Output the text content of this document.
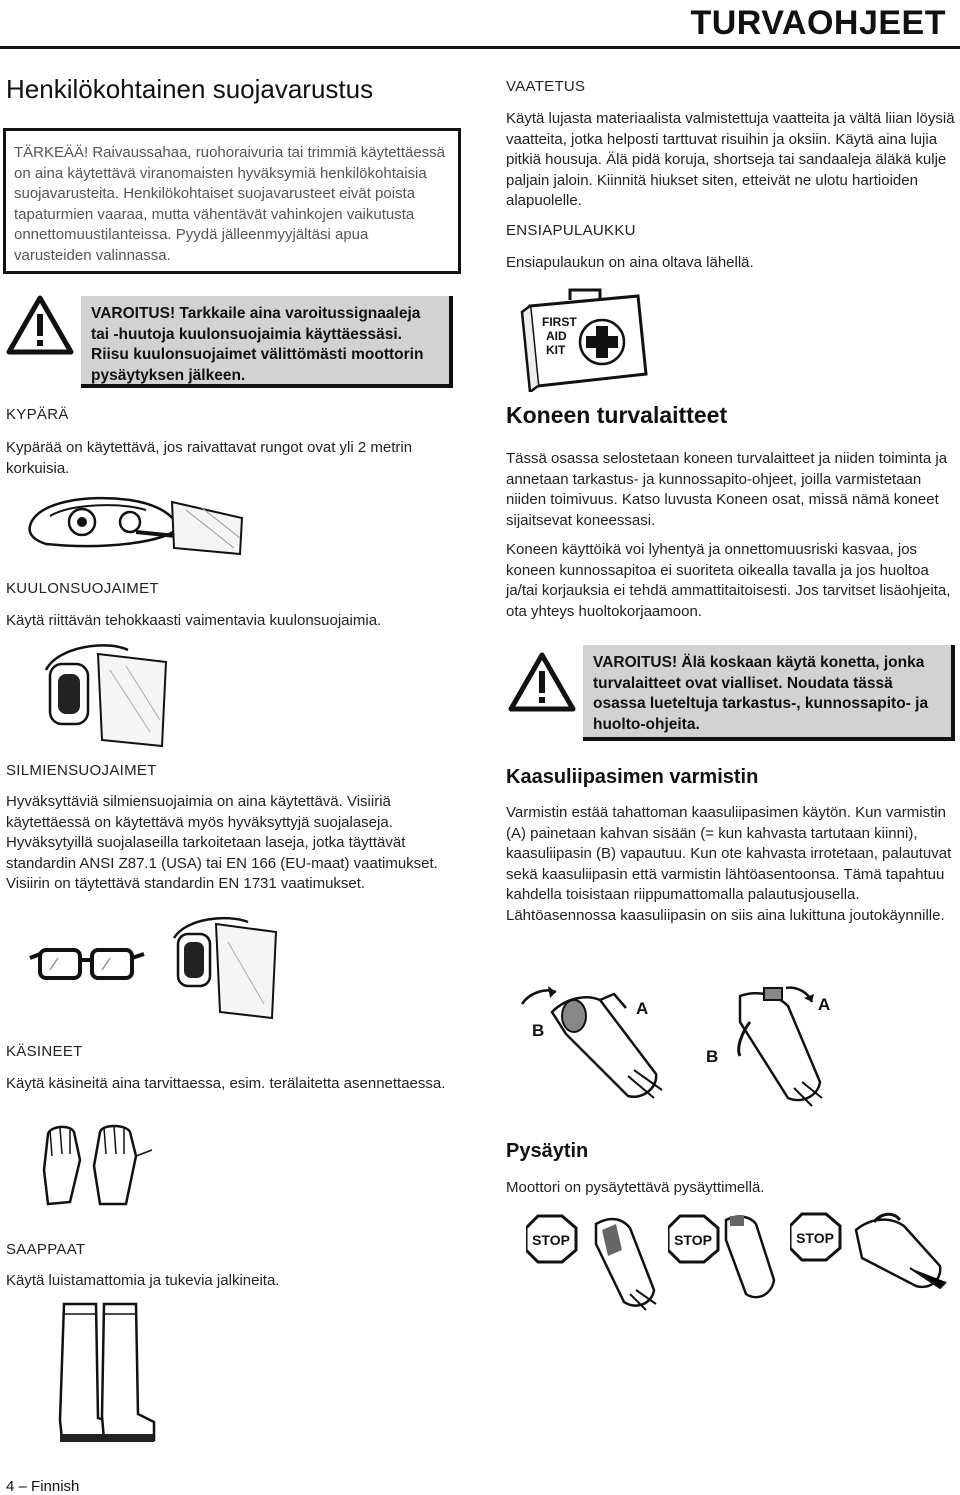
TURVAOHJEET
Henkilökohtainen suojavarustus
TÄRKEÄÄ! Raivaussahaa, ruohoraivuria tai trimmiä käytettäessä on aina käytettävä viranomaisten hyväksymiä henkilökohtaisia suojavarusteita. Henkilökohtaiset suojavarusteet eivät poista tapaturmien vaaraa, mutta vähentävät vahinkojen vaikutusta onnettomuustilanteissa. Pyydä jälleenmyyjältäsi apua varusteiden valinnassa.
VAROITUS! Tarkkaile aina varoitussignaaleja tai -huutoja kuulonsuojaimia käyttäessäsi. Riisu kuulonsuojaimet välittömästi moottorin pysäytyksen jälkeen.
KYPÄRÄ
Kypärää on käytettävä, jos raivattavat rungot ovat yli 2 metrin korkuisia.
KUULONSUOJAIMET
Käytä riittävän tehokkaasti vaimentavia kuulonsuojaimia.
SILMIENSUOJAIMET
Hyväksyttäviä silmiensuojaimia on aina käytettävä. Visiiriä käytettäessä on käytettävä myös hyväksyttyjä suojalaseja. Hyväksytyillä suojalaseilla tarkoitetaan laseja, jotka täyttävät standardin ANSI Z87.1 (USA) tai EN 166 (EU-maat) vaatimukset. Visiirin on täytettävä standardin EN 1731 vaatimukset.
KÄSINEET
Käytä käsineitä aina tarvittaessa, esim. terälaitetta asennettaessa.
SAAPPAAT
Käytä luistamattomia ja tukevia jalkineita.
VAATETUS
Käytä lujasta materiaalista valmistettuja vaatteita ja vältä liian löysiä vaatteita, jotka helposti tarttuvat risuihin ja oksiin. Käytä aina lujia pitkiä housuja. Älä pidä koruja, shortseja tai sandaaleja äläkä kulje paljain jaloin. Kiinnitä hiukset siten, etteivät ne ulotu hartioiden alapuolelle.
ENSIAPULAUKKU
Ensiapulaukun on aina oltava lähellä.
FIRST
AID
KIT
Koneen turvalaitteet
Tässä osassa selostetaan koneen turvalaitteet ja niiden toiminta ja annetaan tarkastus- ja kunnossapito-ohjeet, joilla varmistetaan niiden toimivuus. Katso luvusta Koneen osat, missä nämä koneet sijaitsevat koneessasi.
Koneen käyttöikä voi lyhentyä ja onnettomuusriski kasvaa, jos koneen kunnossapitoa ei suoriteta oikealla tavalla ja jos huoltoa ja/tai korjauksia ei tehdä ammattitaitoisesti. Jos tarvitset lisäohjeita, ota yhteys huoltokorjaamoon.
VAROITUS! Älä koskaan käytä konetta, jonka turvalaitteet ovat vialliset. Noudata tässä osassa lueteltuja tarkastus-, kunnossapito- ja huolto-ohjeita.
Kaasuliipasimen varmistin
Varmistin estää tahattoman kaasuliipasimen käytön. Kun varmistin (A) painetaan kahvan sisään (= kun kahvasta tartutaan kiinni), kaasuliipasin (B) vapautuu. Kun ote kahvasta irrotetaan, palautuvat sekä kaasuliipasin että varmistin lähtöasentoonsa. Tämä tapahtuu kahdella toisistaan riippumattomalla palautusjousella. Lähtöasennossa kaasuliipasin on siis aina lukittuna joutokäynnille.
A
B
A
B
Pysäytin
Moottori on pysäytettävä pysäyttimellä.
STOP	STOP	STOP
4 – Finnish
